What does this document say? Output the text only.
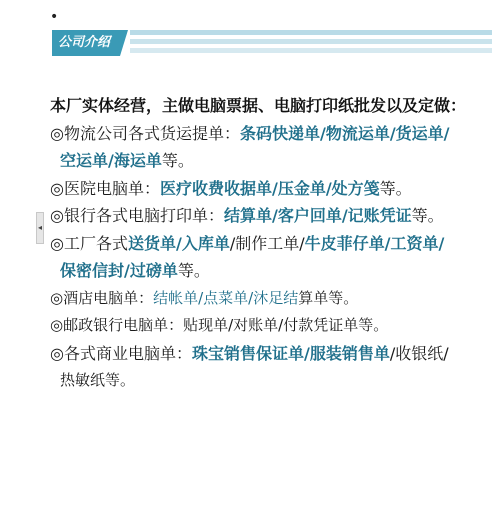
•
公司介绍
◂

本厂实体经营，主做电脑票据、电脑打印纸批发以及定做：

◎物流公司各式货运提单：条码快递单/物流运单/货运单/

空运单/海运单等。

◎医院电脑单：医疗收费收据单/压金单/处方笺等。

◎银行各式电脑打印单：结算单/客户回单/记账凭证等。

◎工厂各式送货单/入库单/制作工单/牛皮菲仔单/工资单/

保密信封/过磅单等。

◎酒店电脑单：结帐单/点菜单/沐足结算单等。

◎邮政银行电脑单：贴现单/对账单/付款凭证单等。

◎各式商业电脑单：珠宝销售保证单/服装销售单/收银纸/

热敏纸等。
